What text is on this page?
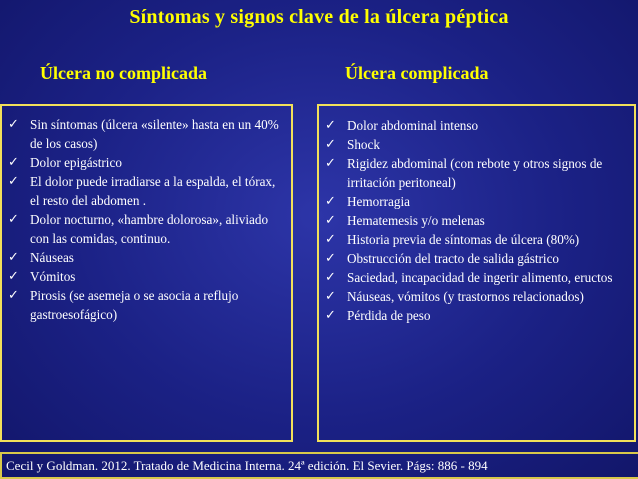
Síntomas y signos clave de la úlcera péptica
Úlcera no complicada	Úlcera complicada
✓ Sin síntomas (úlcera «silente» hasta en un 40% de los casos)
✓ Dolor epigástrico
✓ El dolor puede irradiarse a la espalda, el tórax, el resto del abdomen .
✓ Dolor nocturno, «hambre dolorosa», aliviado con las comidas, continuo.
✓ Náuseas
✓ Vómitos
✓ Pirosis (se asemeja o se asocia a reflujo gastroesofágico)
✓ Dolor abdominal intenso
✓ Shock
✓ Rigidez abdominal (con rebote y otros signos de irritación peritoneal)
✓ Hemorragia
✓ Hematemesis y/o melenas
✓ Historia previa de síntomas de úlcera (80%)
✓ Obstrucción del tracto de salida gástrico
✓ Saciedad, incapacidad de ingerir alimento, eructos
✓ Náuseas, vómitos (y trastornos relacionados)
✓ Pérdida de peso
Cecil y Goldman. 2012. Tratado de Medicina Interna. 24ª edición. El Sevier. Págs: 886 - 894
